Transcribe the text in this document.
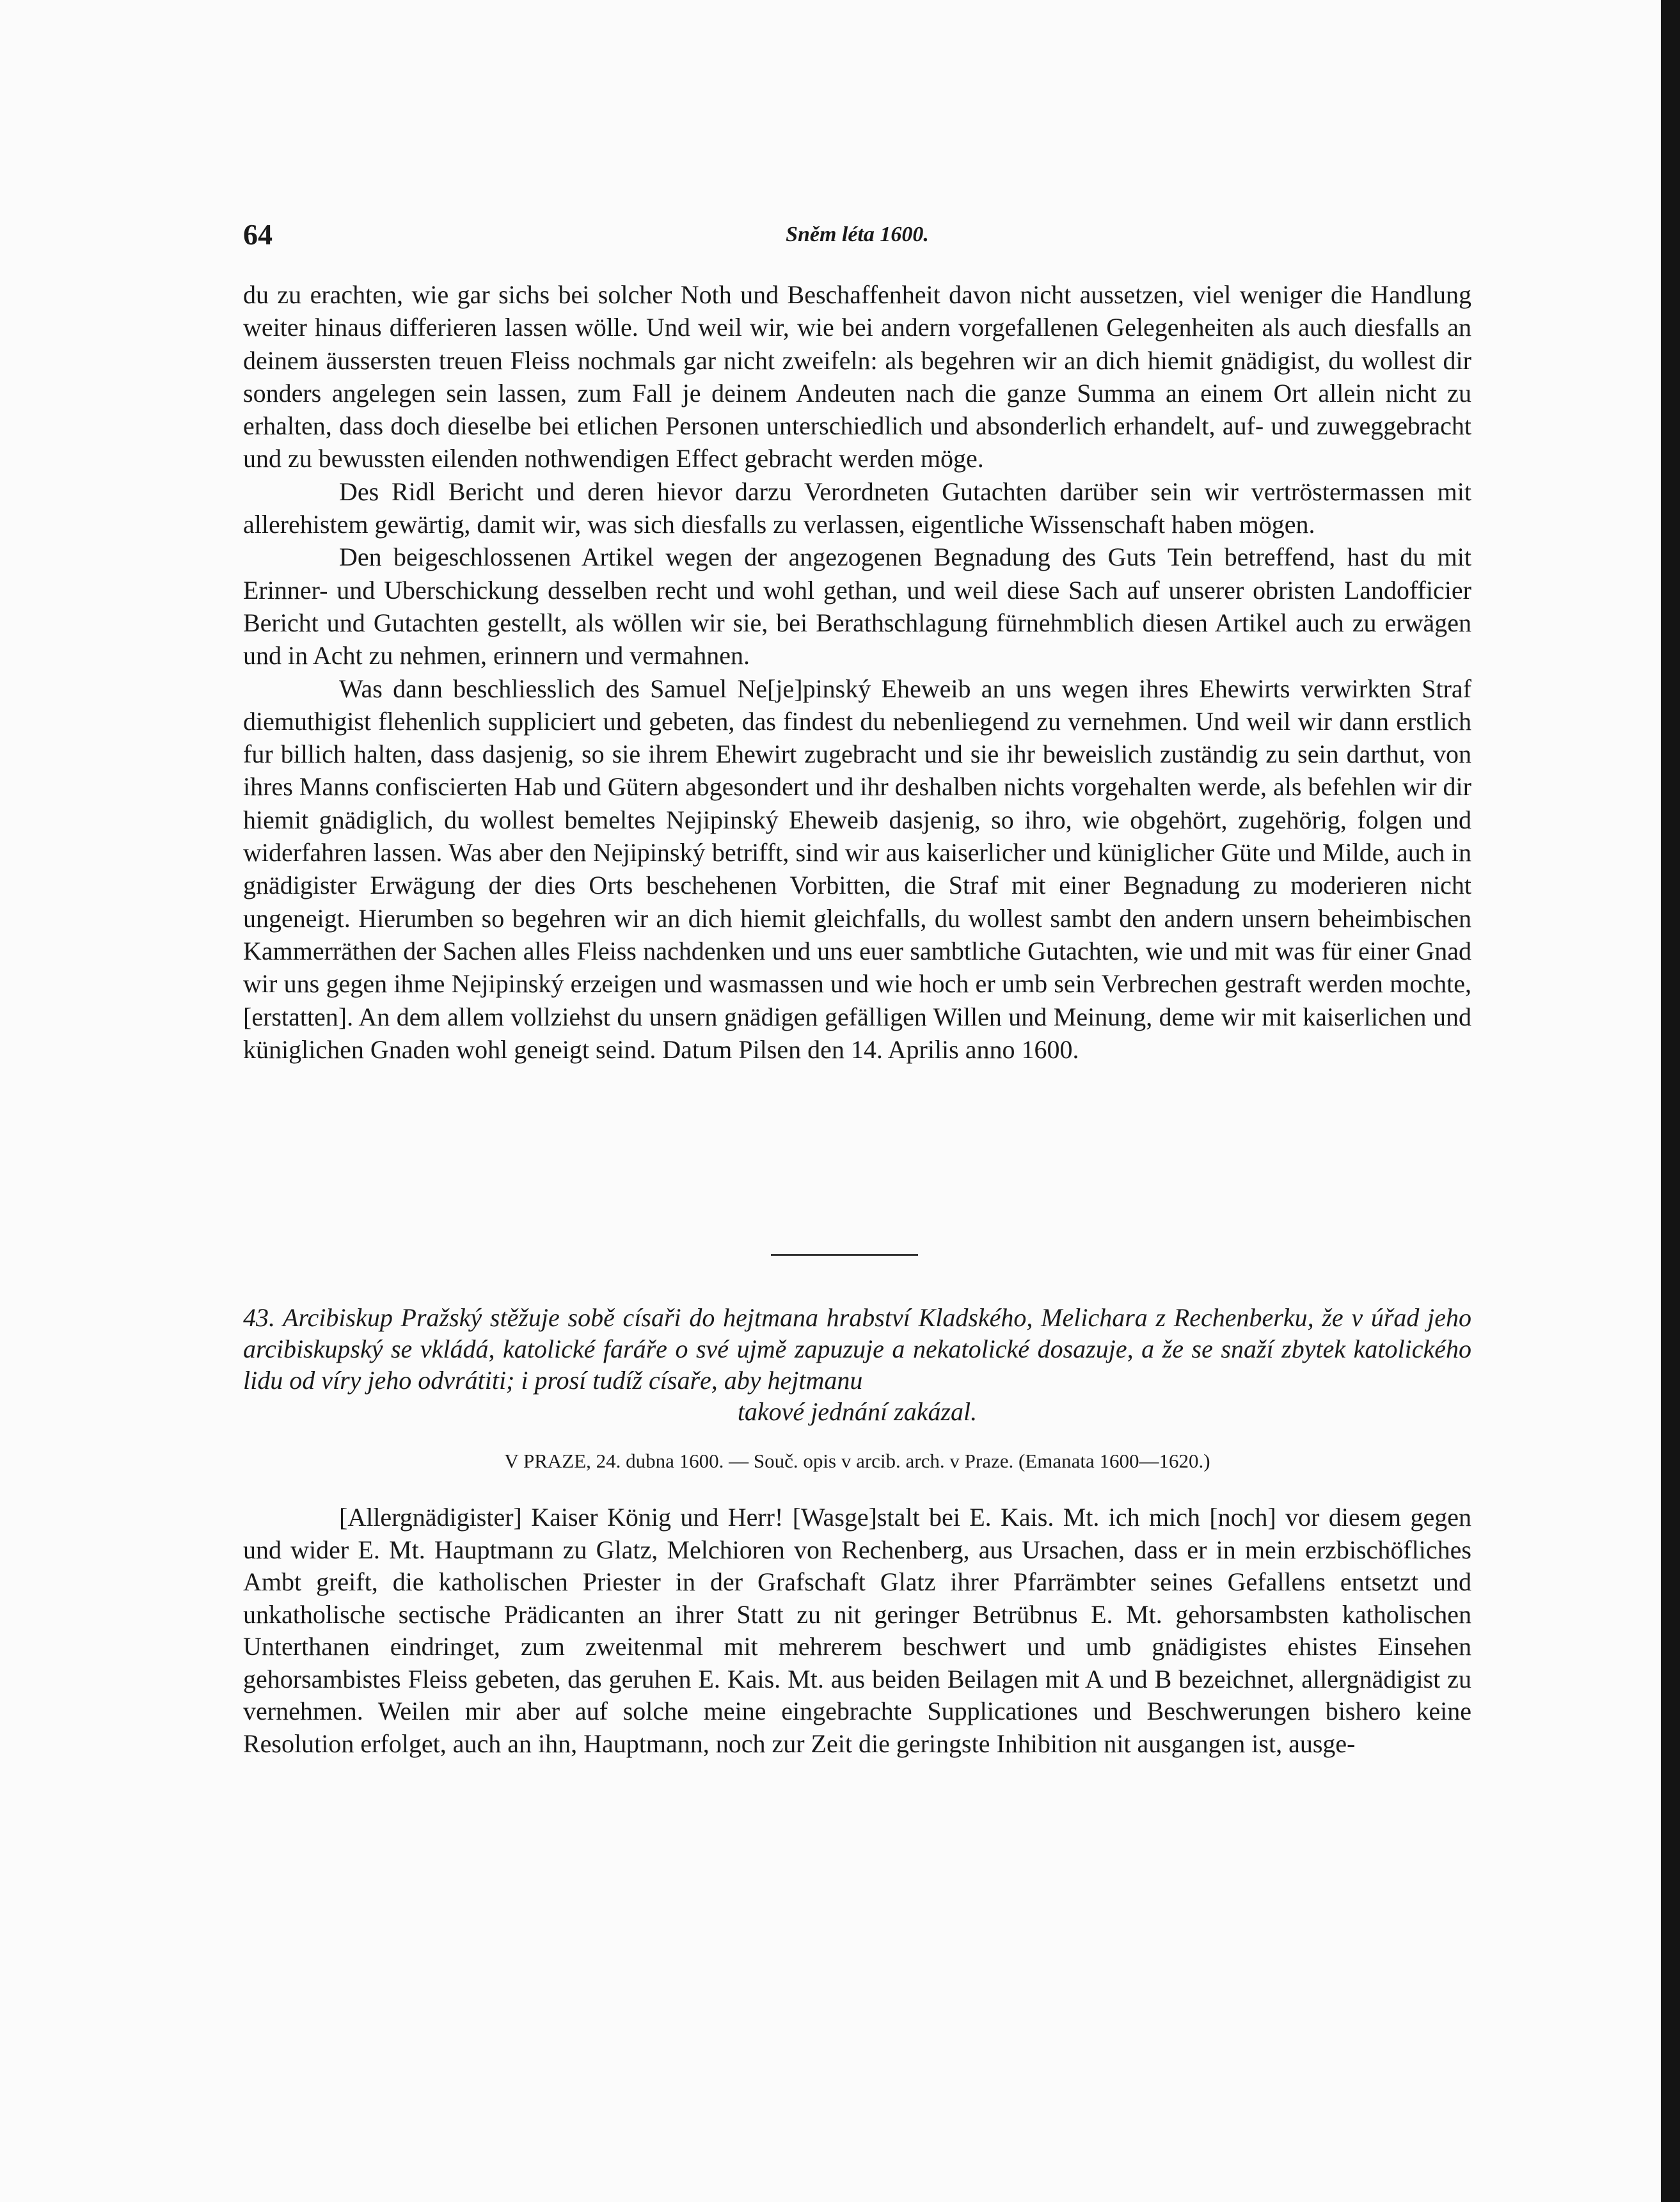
64	Sněm léta 1600.

du zu erachten, wie gar sichs bei solcher Noth und Beschaffenheit davon nicht aussetzen, viel weniger die Handlung weiter hinaus differieren lassen wölle. Und weil wir, wie bei andern vorgefallenen Gelegenheiten als auch diesfalls an deinem äussersten treuen Fleiss nochmals gar nicht zweifeln: als begehren wir an dich hiemit gnädigist, du wollest dir sonders angelegen sein lassen, zum Fall je deinem Andeuten nach die ganze Summa an einem Ort allein nicht zu erhalten, dass doch dieselbe bei etlichen Personen unterschiedlich und absonderlich erhandelt, auf- und zuweggebracht und zu bewussten eilenden nothwendigen Effect gebracht werden möge.

Des Ridl Bericht und deren hievor darzu Verordneten Gutachten darüber sein wir vertröstermassen mit allerehistem gewärtig, damit wir, was sich diesfalls zu verlassen, eigentliche Wissenschaft haben mögen.

Den beigeschlossenen Artikel wegen der angezogenen Begnadung des Guts Tein betreffend, hast du mit Erinner- und Uberschickung desselben recht und wohl gethan, und weil diese Sach auf unserer obristen Landofficier Bericht und Gutachten gestellt, als wöllen wir sie, bei Berathschlagung fürnehmblich diesen Artikel auch zu erwägen und in Acht zu nehmen, erinnern und vermahnen.

Was dann beschliesslich des Samuel Ne[je]pinský Eheweib an uns wegen ihres Ehewirts verwirkten Straf diemuthigist flehenlich suppliciert und gebeten, das findest du nebenliegend zu vernehmen. Und weil wir dann erstlich fur billich halten, dass dasjenig, so sie ihrem Ehewirt zugebracht und sie ihr beweislich zuständig zu sein darthut, von ihres Manns confiscierten Hab und Gütern abgesondert und ihr deshalben nichts vorgehalten werde, als befehlen wir dir hiemit gnädiglich, du wollest bemeltes Nejipinský Eheweib dasjenig, so ihro, wie obgehört, zugehörig, folgen und widerfahren lassen. Was aber den Nejipinský betrifft, sind wir aus kaiserlicher und küniglicher Güte und Milde, auch in gnädigister Erwägung der dies Orts beschehenen Vorbitten, die Straf mit einer Begnadung zu moderieren nicht ungeneigt. Hierumben so begehren wir an dich hiemit gleichfalls, du wollest sambt den andern unsern beheimbischen Kammerräthen der Sachen alles Fleiss nachdenken und uns euer sambtliche Gutachten, wie und mit was für einer Gnad wir uns gegen ihme Nejipinský erzeigen und wasmassen und wie hoch er umb sein Verbrechen gestraft werden mochte, [erstatten]. An dem allem vollziehst du unsern gnädigen gefälligen Willen und Meinung, deme wir mit kaiserlichen und küniglichen Gnaden wohl geneigt seind. Datum Pilsen den 14. Aprilis anno 1600.

43. Arcibiskup Pražský stěžuje sobě císaři do hejtmana hrabství Kladského, Melichara z Rechenberku, že v úřad jeho arcibiskupský se vkládá, katolické faráře o své ujmě zapuzuje a nekatolické dosazuje, a že se snaží zbytek katolického lidu od víry jeho odvrátiti; i prosí tudíž císaře, aby hejtmanu

takové jednání zakázal.

V PRAZE, 24. dubna 1600. — Souč. opis v arcib. arch. v Praze. (Emanata 1600—1620.)

[Allergnädigister] Kaiser König und Herr! [Wasge]stalt bei E. Kais. Mt. ich mich [noch] vor diesem gegen und wider E. Mt. Hauptmann zu Glatz, Melchioren von Rechenberg, aus Ursachen, dass er in mein erzbischöfliches Ambt greift, die katholischen Priester in der Grafschaft Glatz ihrer Pfarrämbter seines Gefallens entsetzt und unkatholische sectische Prädicanten an ihrer Statt zu nit geringer Betrübnus E. Mt. gehorsambsten katholischen Unterthanen eindringet, zum zweitenmal mit mehrerem beschwert und umb gnädigistes ehistes Einsehen gehorsambistes Fleiss gebeten, das geruhen E. Kais. Mt. aus beiden Beilagen mit A und B bezeichnet, allergnädigist zu vernehmen. Weilen mir aber auf solche meine eingebrachte Supplicationes und Beschwerungen bishero keine Resolution erfolget, auch an ihn, Hauptmann, noch zur Zeit die geringste Inhibition nit ausgangen ist, ausge-
